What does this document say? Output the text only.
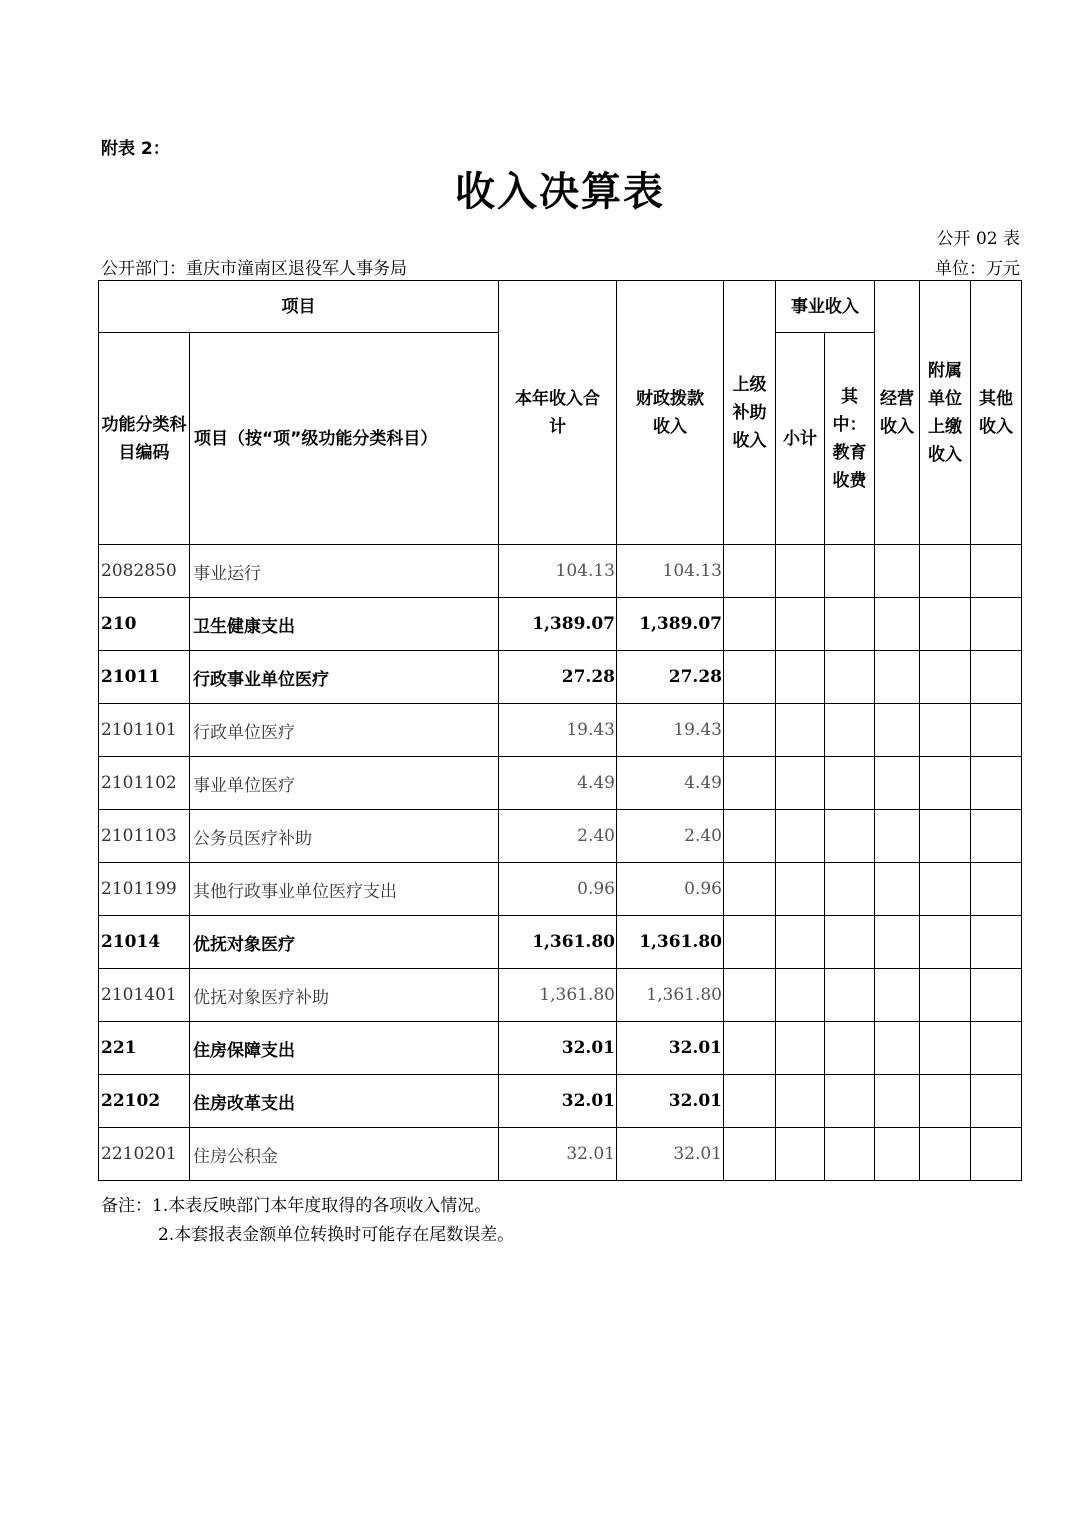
附表 2：
收入决算表
公开 02 表
公开部门：重庆市潼南区退役军人事务局	单位：万元
项目		本年收入合计	财政拨款收入	上级补助收入	事业收入		经营收入	附属单位上缴收入	其他收入
功能分类科目编码	项目（按“项”级功能分类科目）				小计	其中：教育收费			
2082850	事业运行	104.13	104.13						
210	卫生健康支出	1,389.07	1,389.07						
21011	行政事业单位医疗	27.28	27.28						
2101101	行政单位医疗	19.43	19.43						
2101102	事业单位医疗	4.49	4.49						
2101103	公务员医疗补助	2.40	2.40						
2101199	其他行政事业单位医疗支出	0.96	0.96						
21014	优抚对象医疗	1,361.80	1,361.80						
2101401	优抚对象医疗补助	1,361.80	1,361.80						
221	住房保障支出	32.01	32.01						
22102	住房改革支出	32.01	32.01						
2210201	住房公积金	32.01	32.01						
备注：1.本表反映部门本年度取得的各项收入情况。
2.本套报表金额单位转换时可能存在尾数误差。
